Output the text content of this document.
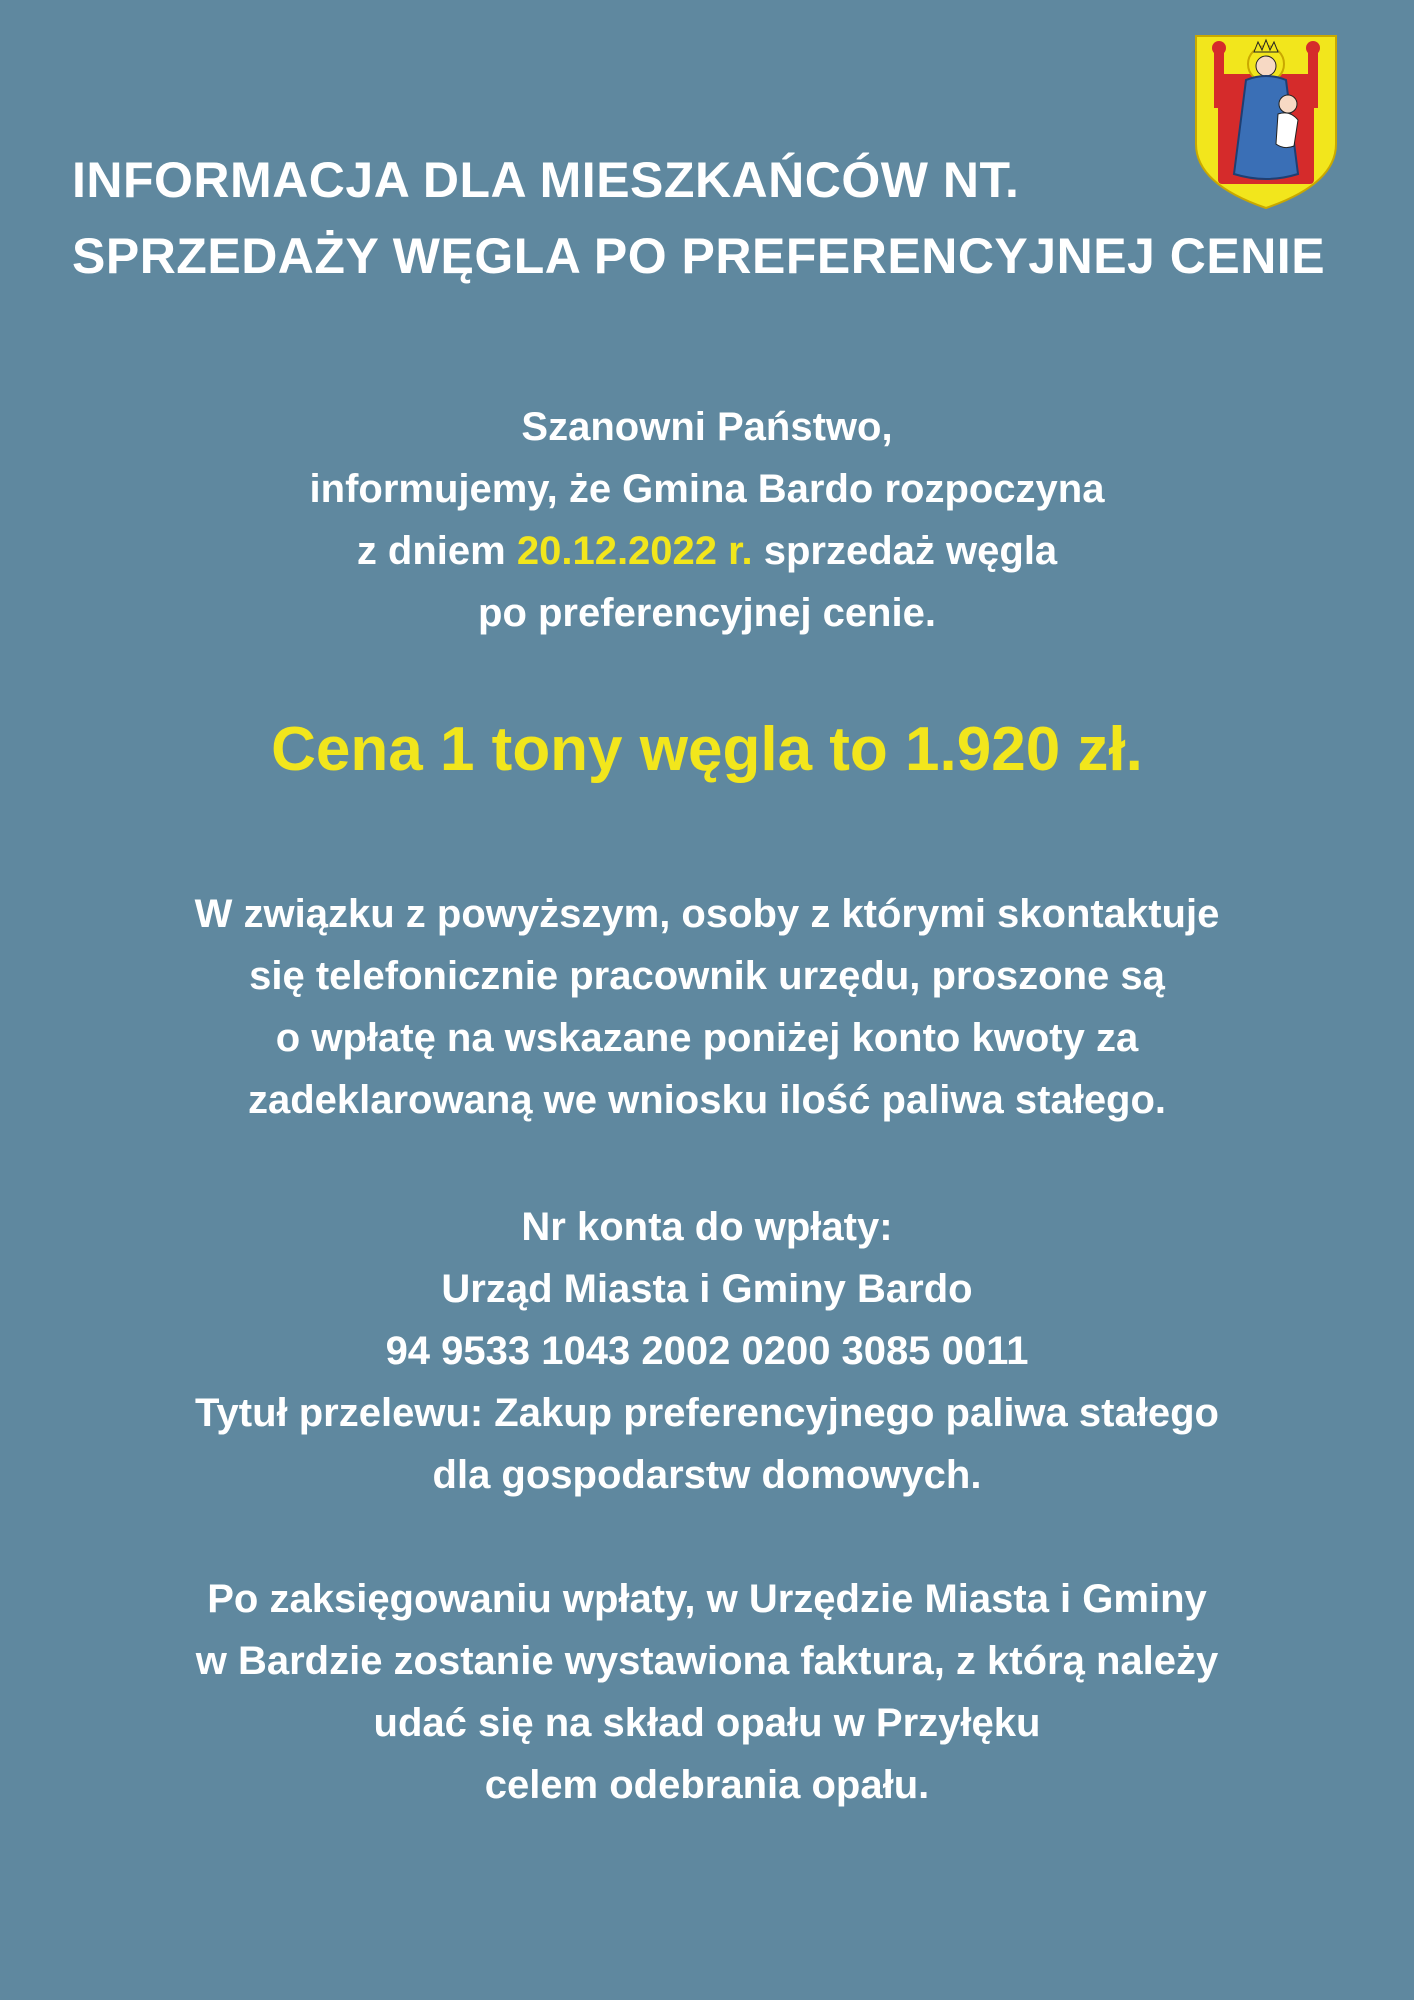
INFORMACJA DLA MIESZKAŃCÓW NT.
SPRZEDAŻY WĘGLA PO PREFERENCYJNEJ CENIE
Szanowni Państwo,
informujemy, że Gmina Bardo rozpoczyna
z dniem 20.12.2022 r. sprzedaż węgla
po preferencyjnej cenie.
Cena 1 tony węgla to 1.920 zł.
W związku z powyższym, osoby z którymi skontaktuje
się telefonicznie pracownik urzędu, proszone są
o wpłatę na wskazane poniżej konto kwoty za
zadeklarowaną we wniosku ilość paliwa stałego.
Nr konta do wpłaty:
Urząd Miasta i Gminy Bardo
94 9533 1043 2002 0200 3085 0011
Tytuł przelewu: Zakup preferencyjnego paliwa stałego
dla gospodarstw domowych.
Po zaksięgowaniu wpłaty, w Urzędzie Miasta i Gminy
w Bardzie zostanie wystawiona faktura, z którą należy
udać się na skład opału w Przyłęku
celem odebrania opału.
